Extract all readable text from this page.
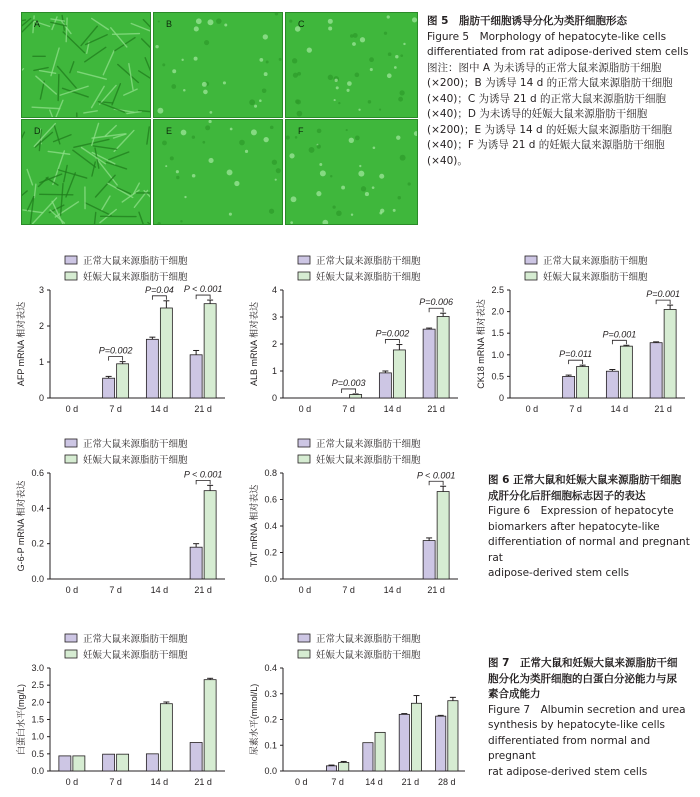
A	B	C
D	E	F

图 5　脂肪干细胞诱导分化为类肝细胞形态

Figure 5　Morphology of hepatocyte-like cells

differentiated from rat adipose-derived stem cells

图注：图中 A 为未诱导的正常大鼠来源脂肪干细胞

(×200)；B 为诱导 14 d 的正常大鼠来源脂肪干细胞

(×40)；C 为诱导 21 d 的正常大鼠来源脂肪干细胞

(×40)；D 为未诱导的妊娠大鼠来源脂肪干细胞

(×200)；E 为诱导 14 d 的妊娠大鼠来源脂肪干细胞

(×40)；F 为诱导 21 d 的妊娠大鼠来源脂肪干细胞

(×40)。

正常大鼠来源脂肪干细胞
妊娠大鼠来源脂肪干细胞
0
1
2
3
AFP mRNA 相对表达
0 d	7 d	14 d	21 d
P=0.002
P=0.04 P < 0.001
正常大鼠来源脂肪干细胞
妊娠大鼠来源脂肪干细胞
0
1
2
3
4
ALB mRNA 相对表达
0 d	7 d	14 d	21 d
P=0.003
P=0.002
P=0.006
正常大鼠来源脂肪干细胞
妊娠大鼠来源脂肪干细胞
0
0.5
1.0
1.5
2.0
2.5
CK18 mRNA 相对表达
0 d	7 d	14 d	21 d
P=0.011
P=0.001
P=0.001
正常大鼠来源脂肪干细胞
妊娠大鼠来源脂肪干细胞
0.0
0.2
0.4
0.6
G-6-P mRNA 相对表达
0 d	7 d	14 d	21 d
P < 0.001
正常大鼠来源脂肪干细胞
妊娠大鼠来源脂肪干细胞
0.0
0.2
0.4
0.6
0.8
TAT mRNA 相对表达
0 d	7 d	14 d	21 d
P < 0.001
正常大鼠来源脂肪干细胞
妊娠大鼠来源脂肪干细胞
0.0
0.5
1.0
1.5
2.0
2.5
3.0
白蛋白水平(mg/L)
0 d	7 d	14 d	21 d
正常大鼠来源脂肪干细胞
妊娠大鼠来源脂肪干细胞
0.0
0.1
0.2
0.3
0.4
尿素水平(mmol/L)
0 d	7 d 14 d 21 d 28 d

图 6 正常大鼠和妊娠大鼠来源脂肪干细胞

成肝分化后肝细胞标志因子的表达

Figure 6　Expression of hepatocyte

biomarkers after hepatocyte-like

differentiation of normal and pregnant rat

adipose-derived stem cells

图 7　正常大鼠和妊娠大鼠来源脂肪干细

胞分化为类肝细胞的白蛋白分泌能力与尿

素合成能力

Figure 7　Albumin secretion and urea

synthesis by hepatocyte-like cells

differentiated from normal and pregnant

rat adipose-derived stem cells
